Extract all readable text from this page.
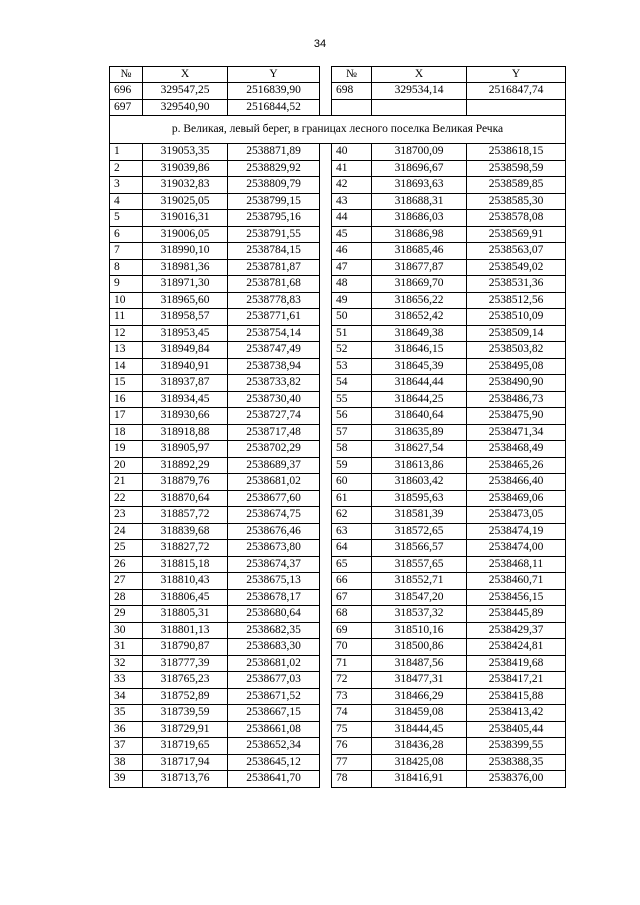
34
№	X	Y		№	X	Y
696	329547,25	2516839,90		698	329534,14	2516847,74
697	329540,90	2516844,52				
р. Великая, левый берег, в границах лесного поселка Великая Речка						
1	319053,35	2538871,89		40	318700,09	2538618,15
2	319039,86	2538829,92		41	318696,67	2538598,59
3	319032,83	2538809,79		42	318693,63	2538589,85
4	319025,05	2538799,15		43	318688,31	2538585,30
5	319016,31	2538795,16		44	318686,03	2538578,08
6	319006,05	2538791,55		45	318686,98	2538569,91
7	318990,10	2538784,15		46	318685,46	2538563,07
8	318981,36	2538781,87		47	318677,87	2538549,02
9	318971,30	2538781,68		48	318669,70	2538531,36
10	318965,60	2538778,83		49	318656,22	2538512,56
11	318958,57	2538771,61		50	318652,42	2538510,09
12	318953,45	2538754,14		51	318649,38	2538509,14
13	318949,84	2538747,49		52	318646,15	2538503,82
14	318940,91	2538738,94		53	318645,39	2538495,08
15	318937,87	2538733,82		54	318644,44	2538490,90
16	318934,45	2538730,40		55	318644,25	2538486,73
17	318930,66	2538727,74		56	318640,64	2538475,90
18	318918,88	2538717,48		57	318635,89	2538471,34
19	318905,97	2538702,29		58	318627,54	2538468,49
20	318892,29	2538689,37		59	318613,86	2538465,26
21	318879,76	2538681,02		60	318603,42	2538466,40
22	318870,64	2538677,60		61	318595,63	2538469,06
23	318857,72	2538674,75		62	318581,39	2538473,05
24	318839,68	2538676,46		63	318572,65	2538474,19
25	318827,72	2538673,80		64	318566,57	2538474,00
26	318815,18	2538674,37		65	318557,65	2538468,11
27	318810,43	2538675,13		66	318552,71	2538460,71
28	318806,45	2538678,17		67	318547,20	2538456,15
29	318805,31	2538680,64		68	318537,32	2538445,89
30	318801,13	2538682,35		69	318510,16	2538429,37
31	318790,87	2538683,30		70	318500,86	2538424,81
32	318777,39	2538681,02		71	318487,56	2538419,68
33	318765,23	2538677,03		72	318477,31	2538417,21
34	318752,89	2538671,52		73	318466,29	2538415,88
35	318739,59	2538667,15		74	318459,08	2538413,42
36	318729,91	2538661,08		75	318444,45	2538405,44
37	318719,65	2538652,34		76	318436,28	2538399,55
38	318717,94	2538645,12		77	318425,08	2538388,35
39	318713,76	2538641,70		78	318416,91	2538376,00
